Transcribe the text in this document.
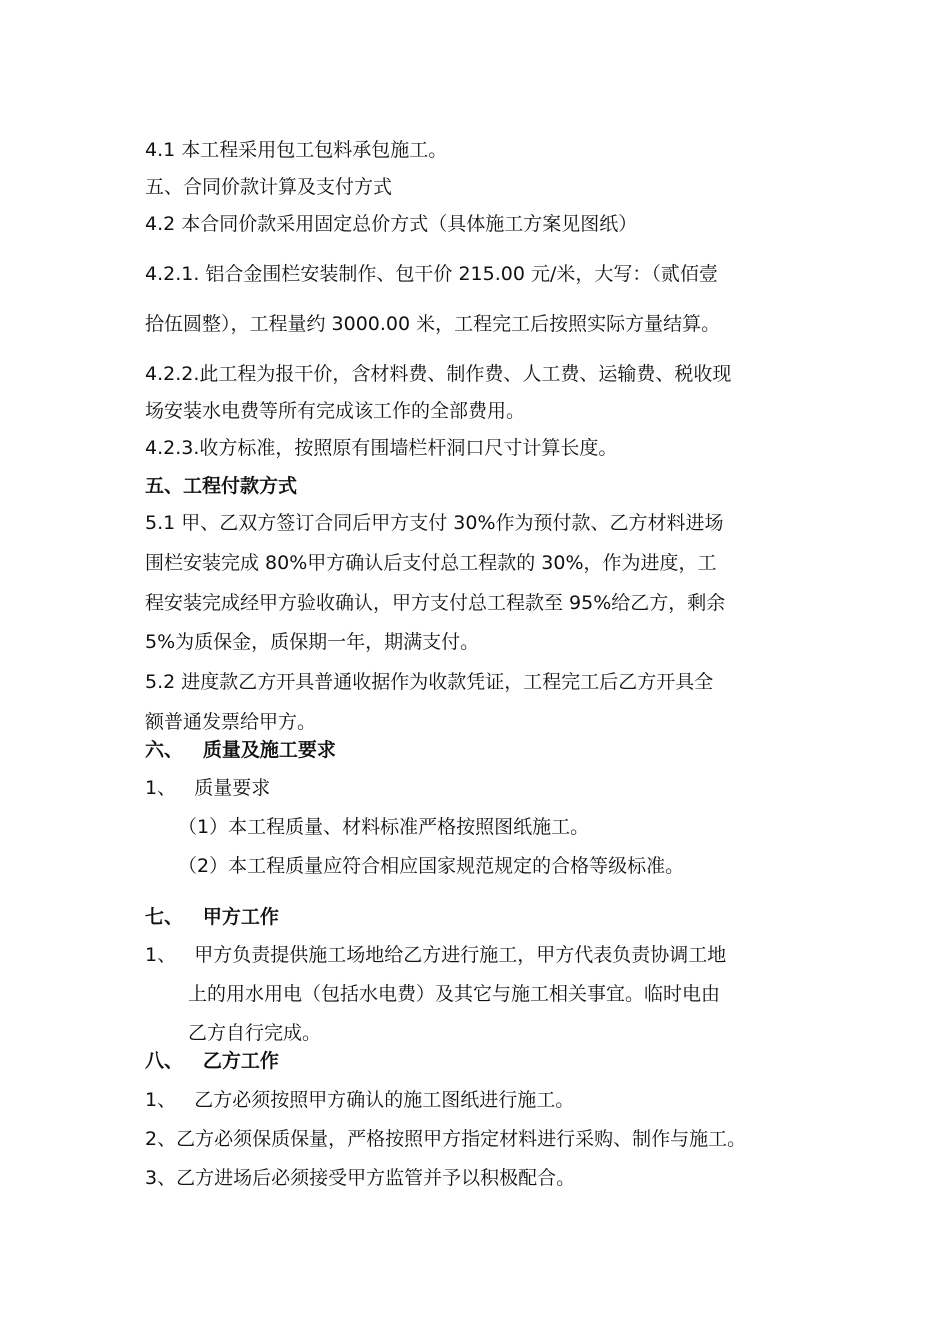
4.1 本工程采用包工包料承包施工。
五、合同价款计算及支付方式
4.2 本合同价款采用固定总价方式（具体施工方案见图纸）
4.2.1. 铝合金围栏安装制作、包干价 215.00 元/米，大写：（贰佰壹
拾伍圆整），工程量约 3000.00 米，工程完工后按照实际方量结算。
4.2.2.此工程为报干价，含材料费、制作费、人工费、运输费、税收现
场安装水电费等所有完成该工作的全部费用。
4.2.3.收方标准，按照原有围墙栏杆洞口尺寸计算长度。
五、工程付款方式
5.1 甲、乙双方签订合同后甲方支付 30%作为预付款、乙方材料进场
围栏安装完成 80%甲方确认后支付总工程款的 30%，作为进度，工
程安装完成经甲方验收确认，甲方支付总工程款至 95%给乙方，剩余
5%为质保金，质保期一年，期满支付。
5.2 进度款乙方开具普通收据作为收款凭证，工程完工后乙方开具全
额普通发票给甲方。
六、   质量及施工要求
1、   质量要求
（1）本工程质量、材料标准严格按照图纸施工。
（2）本工程质量应符合相应国家规范规定的合格等级标准。
七、   甲方工作
1、   甲方负责提供施工场地给乙方进行施工，甲方代表负责协调工地
上的用水用电（包括水电费）及其它与施工相关事宜。临时电由
乙方自行完成。
八、   乙方工作
1、   乙方必须按照甲方确认的施工图纸进行施工。
2、乙方必须保质保量，严格按照甲方指定材料进行采购、制作与施工。
3、乙方进场后必须接受甲方监管并予以积极配合。
